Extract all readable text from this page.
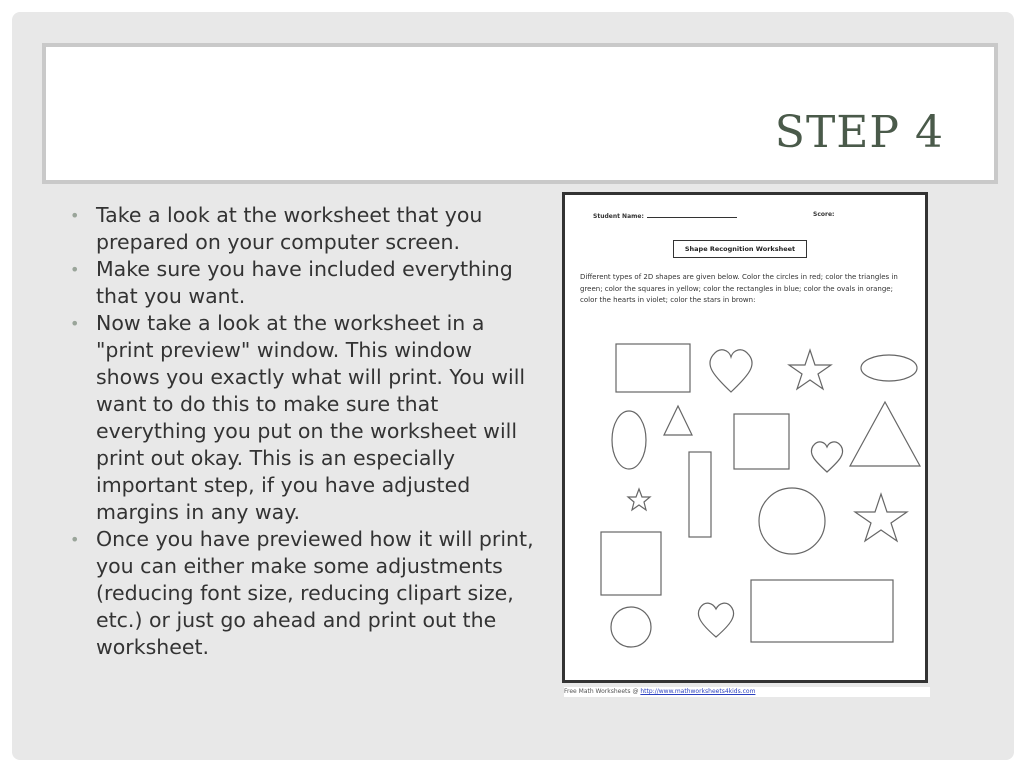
STEP 4
• Take a look at the worksheet that you prepared on your computer screen.
• Make sure you have included everything that you want.
• Now take a look at the worksheet in a "print preview" window. This window shows you exactly what will print. You will want to do this to make sure that everything you put on the worksheet will print out okay. This is an especially important step, if you have adjusted margins in any way.
• Once you have previewed how it will print, you can either make some adjustments (reducing font size, reducing clipart size, etc.) or just go ahead and print out the worksheet.
Student Name:	Score:
Shape Recognition Worksheet
Different types of 2D shapes are given below. Color the circles in red; color the triangles in green; color the squares in yellow; color the rectangles in blue; color the ovals in orange; color the hearts in violet; color the stars in brown:
Free Math Worksheets @ http://www.mathworksheets4kids.com
